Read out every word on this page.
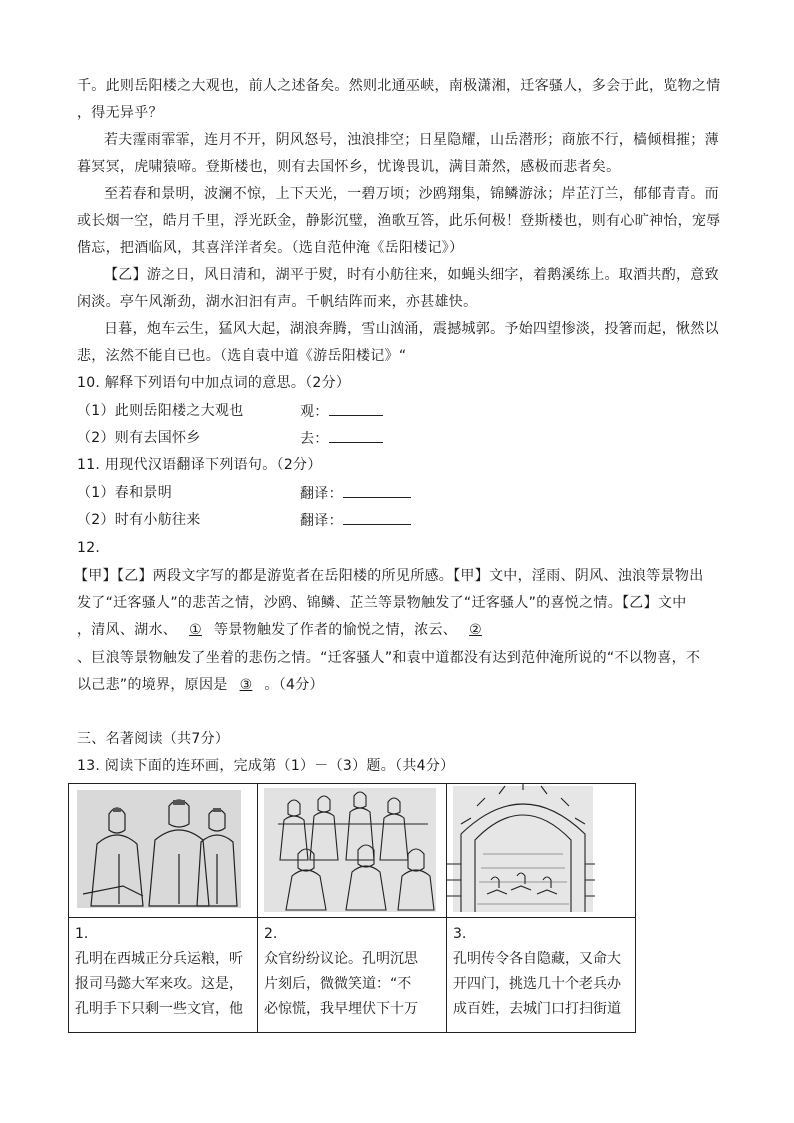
千。此则岳阳楼之大观也，前人之述备矣。然则北通巫峡，南极潇湘，迁客骚人，多会于此，览物之情
，得无异乎？
若夫霪雨霏霏，连月不开，阴风怒号，浊浪排空；日星隐耀，山岳潜形；商旅不行，樯倾楫摧；薄
暮冥冥，虎啸猿啼。登斯楼也，则有去国怀乡，忧谗畏讥，满目萧然，感极而悲者矣。
至若春和景明，波澜不惊，上下天光，一碧万顷；沙鸥翔集，锦鳞游泳；岸芷汀兰，郁郁青青。而
或长烟一空，皓月千里，浮光跃金，静影沉璧，渔歌互答，此乐何极！登斯楼也，则有心旷神怡，宠辱
偕忘，把酒临风，其喜洋洋者矣。（选自范仲淹《岳阳楼记》）
【乙】游之日，风日清和，湖平于熨，时有小舫往来，如蝇头细字，着鹅溪练上。取酒共酌，意致
闲淡。亭午风渐劲，湖水汩汩有声。千帆结阵而来，亦甚雄快。
日暮，炮车云生，猛风大起，湖浪奔腾，雪山汹涌，震撼城郭。予始四望惨淡，投箸而起，愀然以
悲，泫然不能自已也。（选自袁中道《游岳阳楼记》“
10. 解释下列语句中加点词的意思。（2分）
（1）此则岳阳楼之大观也	观：
（2）则有去国怀乡	去：
11. 用现代汉语翻译下列语句。（2分）
（1）春和景明	翻译：
（2）时有小舫往来	翻译：
12.
【甲】【乙】两段文字写的都是游览者在岳阳楼的所见所感。【甲】文中，淫雨、阴风、浊浪等景物出
发了“迁客骚人”的悲苦之情，沙鸥、锦鳞、芷兰等景物触发了“迁客骚人”的喜悦之情。【乙】文中
，清风、湖水、 ① 等景物触发了作者的愉悦之情，浓云、 ②
、巨浪等景物触发了坐着的悲伤之情。“迁客骚人”和袁中道都没有达到范仲淹所说的“不以物喜，不
以己悲”的境界，原因是 ③ 。（4分）
三、名著阅读（共7分）
13. 阅读下面的连环画，完成第（1）－（3）题。（共4分）

1.
孔明在西城正分兵运粮，听
报司马懿大军来攻。这是，
孔明手下只剩一些文官，他	2.
众官纷纷议论。孔明沉思
片刻后，微微笑道：“不
必惊慌，我早埋伏下十万	3.
孔明传令各自隐藏，又命大
开四门，挑选几十个老兵办
成百姓，去城门口打扫街道
